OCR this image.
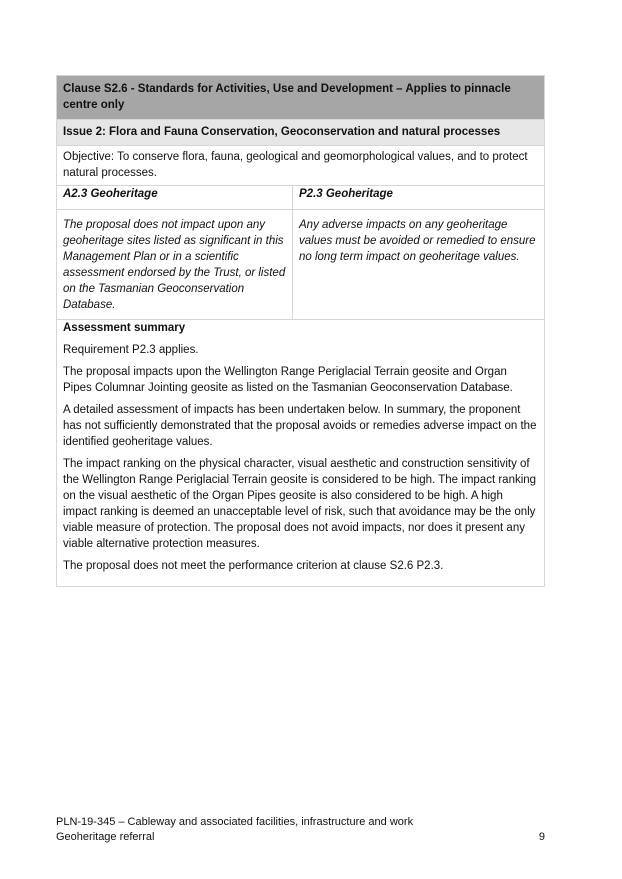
Clause S2.6 - Standards for Activities, Use and Development – Applies to pinnacle centre only
Issue 2: Flora and Fauna Conservation, Geoconservation and natural processes
Objective: To conserve flora, fauna, geological and geomorphological values, and to protect natural processes.
A2.3 Geoheritage
The proposal does not impact upon any geoheritage sites listed as significant in this Management Plan or in a scientific assessment endorsed by the Trust, or listed on the Tasmanian Geoconservation Database.
P2.3 Geoheritage
Any adverse impacts on any geoheritage values must be avoided or remedied to ensure no long term impact on geoheritage values.
Assessment summary

Requirement P2.3 applies.

The proposal impacts upon the Wellington Range Periglacial Terrain geosite and Organ Pipes Columnar Jointing geosite as listed on the Tasmanian Geoconservation Database.

A detailed assessment of impacts has been undertaken below. In summary, the proponent has not sufficiently demonstrated that the proposal avoids or remedies adverse impact on the identified geoheritage values.

The impact ranking on the physical character, visual aesthetic and construction sensitivity of the Wellington Range Periglacial Terrain geosite is considered to be high. The impact ranking on the visual aesthetic of the Organ Pipes geosite is also considered to be high. A high impact ranking is deemed an unacceptable level of risk, such that avoidance may be the only viable measure of protection. The proposal does not avoid impacts, nor does it present any viable alternative protection measures.

The proposal does not meet the performance criterion at clause S2.6 P2.3.

PLN-19-345 – Cableway and associated facilities, infrastructure and work
Geoheritage referral	9
